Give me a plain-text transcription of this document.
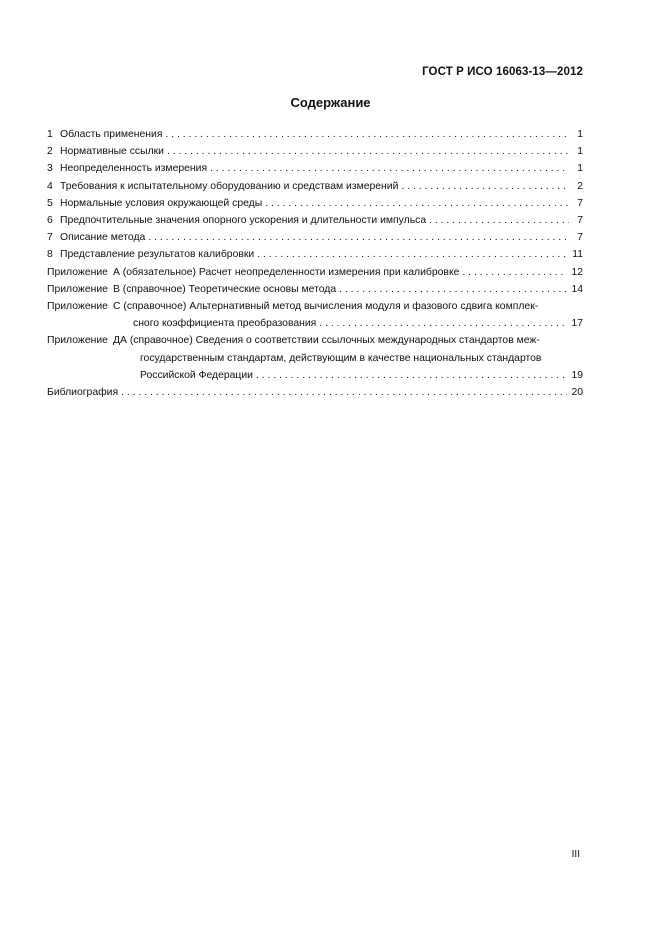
ГОСТ Р ИСО 16063-13—2012
Содержание
1 Область применения . . .	1
2 Нормативные ссылки . . .	1
3 Неопределенность измерения . . .	1
4 Требования к испытательному оборудованию и средствам измерений . . .	2
5 Нормальные условия окружающей среды . . .	7
6 Предпочтительные значения опорного ускорения и длительности импульса . . .	7
7 Описание метода . . .	7
8 Представление результатов калибровки . . .	11
Приложение А (обязательное) Расчет неопределенности измерения при калибровке . . .	12
Приложение В (справочное) Теоретические основы метода . . .	14
Приложение С (справочное) Альтернативный метод вычисления модуля и фазового сдвига комплек-
сного коэффициента преобразования . . .	17
Приложение ДА (справочное) Сведения о соответствии ссылочных международных стандартов меж-
государственным стандартам, действующим в качестве национальных стандартов
Российской Федерации . . .	19
Библиография . . .	20
III
